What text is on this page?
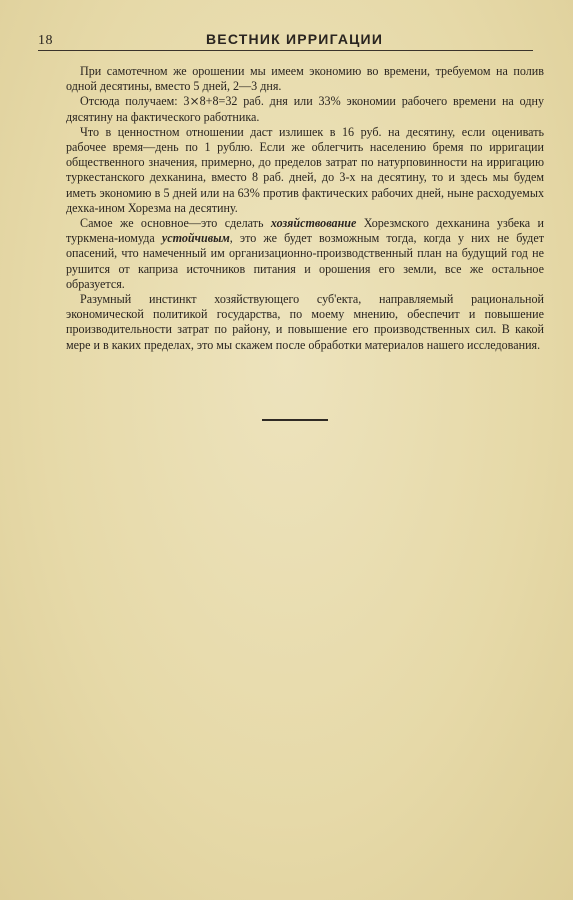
18	ВЕСТНИК ИРРИГАЦИИ

При самотечном же орошении мы имеем экономию во времени, требуемом на полив одной десятины, вместо 5 дней, 2—3 дня.

Отсюда получаем: 3⨯8+8=32 раб. дня или 33% экономии рабочего времени на одну дясятину на фактического работника.

Что в ценностном отношении даст излишек в 16 руб. на десятину, если оценивать рабочее время—день по 1 рублю. Если же облегчить населению бремя по ирригации общественного значения, примерно, до пределов затрат по натурповинности на ирригацию туркестанского дехканина, вместо 8 раб. дней, до 3-х на десятину, то и здесь мы будем иметь экономию в 5 дней или на 63% против фактических рабочих дней, ныне расходуемых дехка-ином Хорезма на десятину.

Самое же основное—это сделать хозяйствование Хорезмского дехканина узбека и туркмена-иомуда устойчивым, это же будет возможным тогда, когда у них не будет опасений, что намеченный им организационно-производственный план на будущий год не рушится от каприза источников питания и орошения его земли, все же остальное образуется.

Разумный инстинкт хозяйствующего суб'екта, направляемый рациональной экономической политикой государства, по моему мнению, обеспечит и повышение производительности затрат по району, и повышение его производственных сил. В какой мере и в каких пределах, это мы скажем после обработки материалов нашего исследования.
